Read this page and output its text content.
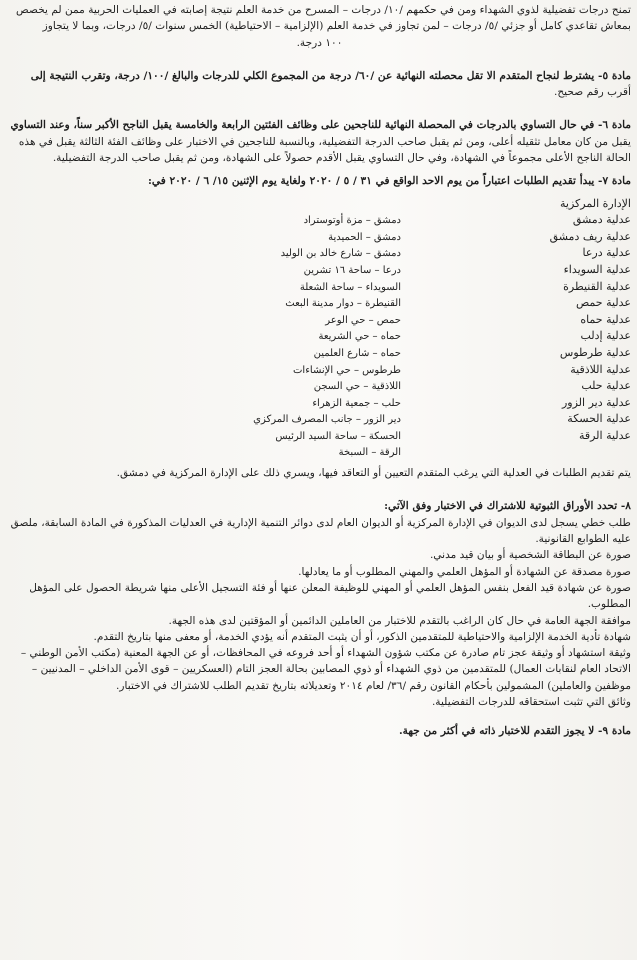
تمنح درجات تفضيلية لذوي الشهداء ومن في حكمهم /١٠/ درجات – المسرح من خدمة العلم نتيجة إصابته في العمليات الحربية ممن لم يخصص

بمعاش تقاعدي كامل أو جزئي /٥/ درجات – لمن تجاوز في خدمة العلم (الإلزامية – الاحتياطية) الخمس سنوات /٥/ درجات، وبما لا يتجاوز

١٠٠ درجة.

مادة ٥- يشترط لنجاح المتقدم الا تقل محصلته النهائية عن /٦٠/ درجة من المجموع الكلي للدرجات والبالغ /١٠٠/ درجة، وتقرب النتيجة إلى

أقرب رقم صحيح.

مادة ٦- في حال التساوي بالدرجات في المحصلة النهائية للناجحين على وظائف الفئتين الرابعة والخامسة يقبل الناجح الأكبر سناً، وعند التساوي

يقبل من كان معامل تثقيله أعلى، ومن ثم يقبل صاحب الدرجة التفضيلية، وبالنسبة للناجحين في الاختبار على وظائف الفئة الثالثة يقبل في هذه

الحالة الناجح الأعلى مجموعاً في الشهادة، وفي حال التساوي يقبل الأقدم حصولاً على الشهادة، ومن ثم يقبل صاحب الدرجة التفضيلية.

مادة ٧- يبدأ تقديم الطلبات اعتباراً من يوم الاحد الواقع في ٣١ / ٥ / ٢٠٢٠ ولغاية يوم الإثنين ١٥/ ٦ / ٢٠٢٠ في:

الإدارة المركزية
عدلية دمشق
دمشق – مزة أوتوستراد
عدلية ريف دمشق
دمشق – الحميدية
عدلية درعا
دمشق – شارع خالد بن الوليد
عدلية السويداء
درعا – ساحة ١٦ تشرين
عدلية القنيطرة
السويداء – ساحة الشعلة
عدلية حمص
القنيطرة – دوار مدينة البعث
عدلية حماه
حمص – حي الوعر
عدلية إدلب
حماه – حي الشريعة
عدلية طرطوس
حماه – شارع العلمين
عدلية اللاذقية
طرطوس – حي الإنشاءات
عدلية حلب
اللاذقية – حي السجن
عدلية دير الزور
حلب – جمعية الزهراء
عدلية الحسكة
دير الزور – جانب المصرف المركزي
عدلية الرقة
الحسكة – ساحة السيد الرئيس
الرقة – السبخة

يتم تقديم الطلبات في العدلية التي يرغب المتقدم التعيين أو التعاقد فيها، ويسري ذلك على الإدارة المركزية في دمشق.

٨- تحدد الأوراق الثبوتية للاشتراك في الاختبار وفق الآتي:

طلب خطي يسجل لدى الديوان في الإدارة المركزية أو الديوان العام لدى دوائر التنمية الإدارية في العدليات المذكورة في المادة السابقة، ملصق

عليه الطوابع القانونية.

صورة عن البطاقة الشخصية أو بيان قيد مدني.

صورة مصدقة عن الشهادة أو المؤهل العلمي والمهني المطلوب أو ما يعادلها.

صورة عن شهادة قيد الفعل بنفس المؤهل العلمي أو المهني للوظيفة المعلن عنها أو فئة التسجيل الأعلى منها شريطة الحصول على المؤهل

المطلوب.

موافقة الجهة العامة في حال كان الراغب بالتقدم للاختبار من العاملين الدائمين أو المؤقتين لدى هذه الجهة.

شهادة تأدية الخدمة الإلزامية والاحتياطية للمتقدمين الذكور، أو أن يثبت المتقدم أنه يؤدي الخدمة، أو معفى منها بتاريخ التقدم.

وثيقة استشهاد أو وثيقة عجز تام صادرة عن مكتب شؤون الشهداء أو أحد فروعه في المحافظات، أو عن الجهة المعنية (مكتب الأمن الوطني –

الاتحاد العام لنقابات العمال) للمتقدمين من ذوي الشهداء أو ذوي المصابين بحالة العجز التام (العسكريين – قوى الأمن الداخلي – المدنيين –

موظفين والعاملين) المشمولين بأحكام القانون رقم /٣٦/ لعام ٢٠١٤ وتعديلاته بتاريخ تقديم الطلب للاشتراك في الاختبار.

وثائق التي تثبت استحقاقه للدرجات التفضيلية.

مادة ٩- لا يجوز التقدم للاختبار ذاته في أكثر من جهة.
